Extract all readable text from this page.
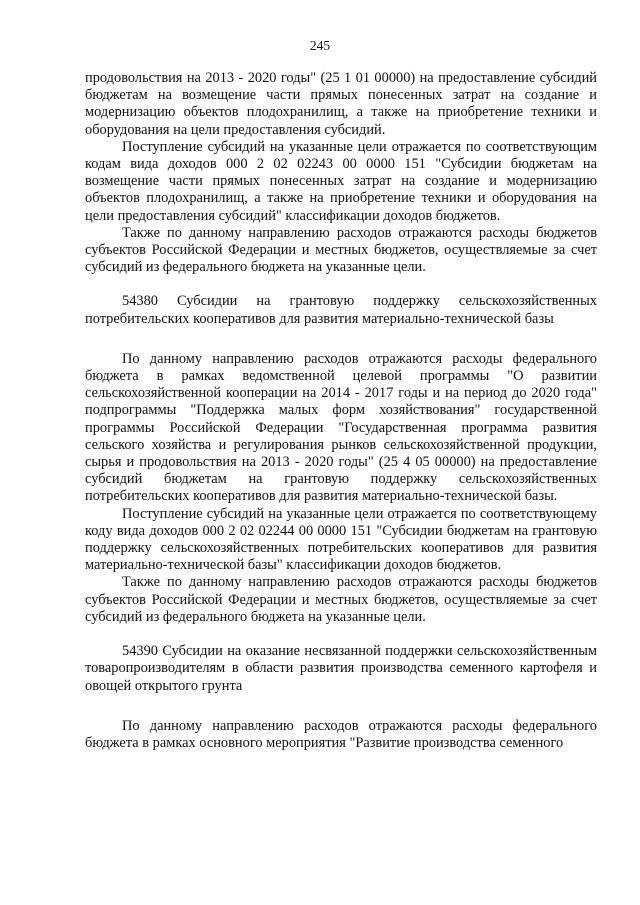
245

продовольствия на 2013 - 2020 годы" (25 1 01 00000) на предоставление субсидий бюджетам на возмещение части прямых понесенных затрат на создание и модернизацию объектов плодохранилищ, а также на приобретение техники и оборудования на цели предоставления субсидий.

Поступление субсидий на указанные цели отражается по соответствующим кодам вида доходов 000 2 02 02243 00 0000 151 "Субсидии бюджетам на возмещение части прямых понесенных затрат на создание и модернизацию объектов плодохранилищ, а также на приобретение техники и оборудования на цели предоставления субсидий" классификации доходов бюджетов.

Также по данному направлению расходов отражаются расходы бюджетов субъектов Российской Федерации и местных бюджетов, осуществляемые за счет субсидий из федерального бюджета на указанные цели.

54380 Субсидии на грантовую поддержку сельскохозяйственных потребительских кооперативов для развития материально-технической базы

По данному направлению расходов отражаются расходы федерального бюджета в рамках ведомственной целевой программы "О развитии сельскохозяйственной кооперации на 2014 - 2017 годы и на период до 2020 года" подпрограммы "Поддержка малых форм хозяйствования" государственной программы Российской Федерации "Государственная программа развития сельского хозяйства и регулирования рынков сельскохозяйственной продукции, сырья и продовольствия на 2013 - 2020 годы" (25 4 05 00000) на предоставление субсидий бюджетам на грантовую поддержку сельскохозяйственных потребительских кооперативов для развития материально-технической базы.

Поступление субсидий на указанные цели отражается по соответствующему коду вида доходов 000 2 02 02244 00 0000 151 "Субсидии бюджетам на грантовую поддержку сельскохозяйственных потребительских кооперативов для развития материально-технической базы" классификации доходов бюджетов.

Также по данному направлению расходов отражаются расходы бюджетов субъектов Российской Федерации и местных бюджетов, осуществляемые за счет субсидий из федерального бюджета на указанные цели.

54390 Субсидии на оказание несвязанной поддержки сельскохозяйственным товаропроизводителям в области развития производства семенного картофеля и овощей открытого грунта

По данному направлению расходов отражаются расходы федерального бюджета в рамках основного мероприятия "Развитие производства семенного
